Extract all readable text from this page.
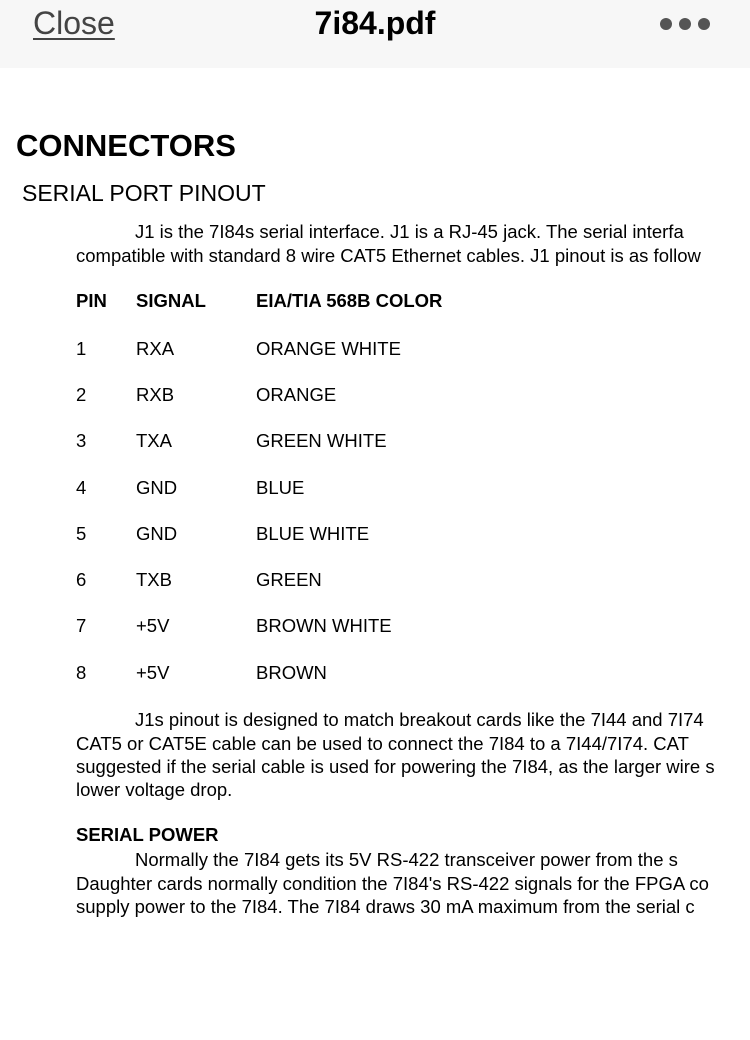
Close	7i84.pdf
CONNECTORS
SERIAL PORT PINOUT
J1 is the 7I84s serial interface. J1 is a RJ-45 jack. The serial interfa
compatible with standard 8 wire CAT5 Ethernet cables. J1 pinout is as follow
PIN SIGNAL	EIA/TIA 568B COLOR
1	RXA	ORANGE WHITE
2	RXB	ORANGE
3	TXA	GREEN WHITE
4	GND	BLUE
5	GND	BLUE WHITE
6	TXB	GREEN
7	+5V	BROWN WHITE
8	+5V	BROWN
J1s pinout is designed to match breakout cards like the 7I44 and 7I74
CAT5 or CAT5E cable can be used to connect the 7I84 to a 7I44/7I74. CAT
suggested if the serial cable is used for powering the 7I84, as the larger wire s
lower voltage drop.
SERIAL POWER
Normally the 7I84 gets its 5V RS-422 transceiver power from the s
Daughter cards normally condition the 7I84's RS-422 signals for the FPGA co
supply power to the 7I84. The 7I84 draws 30 mA maximum from the serial c
